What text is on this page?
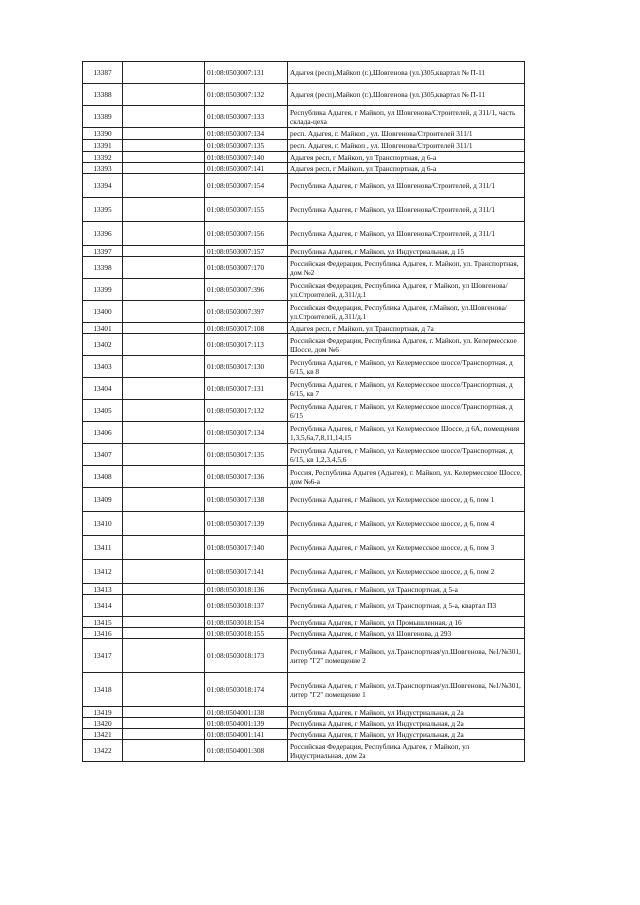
13387		01:08:0503007:131	Адыгея (респ),Майкоп (г.),Шовгенова (ул.)305,квартал № П-11
13388		01:08:0503007:132	Адыгея (респ),Майкоп (г.),Шовгенова (ул.)305,квартал № П-11
13389		01:08:0503007:133	Республика Адыгея, г Майкоп, ул Шовгенова/Строителей, д 311/1, часть склада-цеха
13390		01:08:0503007:134	респ. Адыгея, г. Майкоп , ул. Шовгенова/Строителей 311/1
13391		01:08:0503007:135	респ. Адыгея, г. Майкоп , ул. Шовгенова/Строителей 311/1
13392		01:08:0503007:140	Адыгея респ, г Майкоп, ул Транспортная, д 6-а
13393		01:08:0503007:141	Адыгея респ, г Майкоп, ул Транспортная, д 6-а
13394		01:08:0503007:154	Республика Адыгея, г Майкоп, ул Шовгенова/Строителей, д 311/1
13395		01:08:0503007:155	Республика Адыгея, г Майкоп, ул Шовгенова/Строителей, д 311/1
13396		01:08:0503007:156	Республика Адыгея, г Майкоп, ул Шовгенова/Строителей, д 311/1
13397		01:08:0503007:157	Республика Адыгея, г Майкоп, ул Индустриальная, д 15
13398		01:08:0503007:170	Российская Федерация, Республика Адыгея, г. Майкоп, ул. Транспортная, дом №2
13399		01:08:0503007:396	Российская Федерация, Республика Адыгея, г Майкоп, ул Шовгенова/ул.Строителей, д.311/д.1
13400		01:08:0503007:397	Российская Федерация, Республика Адыгея, г.Майкоп, ул.Шовгенова/ул.Строителей, д.311/д.1
13401		01:08:0503017:108	Адыгея респ, г Майкоп, ул Транспортная, д 7а
13402		01:08:0503017:113	Российская Федерация, Республика Адыгея, г. Майкоп, ул. Келермесское Шоссе, дом №6
13403		01:08:0503017:130	Республика Адыгея, г Майкоп, ул Келермесское шоссе/Транспортная, д 6/15, кв 8
13404		01:08:0503017:131	Республика Адыгея, г Майкоп, ул Келермесское шоссе/Транспортная, д 6/15, кв 7
13405		01:08:0503017:132	Республика Адыгея, г Майкоп, ул Келермесское шоссе/Транспортная, д 6/15
13406		01:08:0503017:134	Республика Адыгея, г Майкоп, ул Келермесское Шоссе, д 6А, помещения 1,3,5,6а,7,8,11,14,15
13407		01:08:0503017:135	Республика Адыгея, г Майкоп, ул Келермесское шоссе/Транспортная, д 6/15, кв 1,2,3,4,5,6
13408		01:08:0503017:136	Россия, Республика Адыгея (Адыгея), г. Майкоп, ул. Келермесское Шоссе, дом №6-а
13409		01:08:0503017:138	Республика Адыгея, г Майкоп, ул Келермесское шоссе, д 6, пом 1
13410		01:08:0503017:139	Республика Адыгея, г Майкоп, ул Келермесское шоссе, д 6, пом 4
13411		01:08:0503017:140	Республика Адыгея, г Майкоп, ул Келермесское шоссе, д 6, пом 3
13412		01:08:0503017:141	Республика Адыгея, г Майкоп, ул Келермесское шоссе, д 6, пом 2
13413		01:08:0503018:136	Республика Адыгея, г Майкоп, ул Транспортная, д 5-а
13414		01:08:0503018:137	Республика Адыгея, г Майкоп, ул Транспортная, д 5-а, квартал П3
13415		01:08:0503018:154	Республика Адыгея, г Майкоп, ул Промышленная, д 16
13416		01:08:0503018:155	Республика Адыгея, г Майкоп, ул Шовгенова, д 293
13417		01:08:0503018:173	Республика Адыгея, г Майкоп, ул.Транспортная/ул.Шовгенова, №1/№301, литер "Г2" помещение 2
13418		01:08:0503018:174	Республика Адыгея, г Майкоп, ул.Транспортная/ул.Шовгенова, №1/№301, литер "Г2" помещение 1
13419		01:08:0504001:138	Республика Адыгея, г Майкоп, ул Индустриальная, д 2а
13420		01:08:0504001:139	Республика Адыгея, г Майкоп, ул Индустриальная, д 2а
13421		01:08:0504001:141	Республика Адыгея, г Майкоп, ул Индустриальная, д 2а
13422		01:08:0504001:308	Российская Федерация, Республика Адыгея, г Майкоп, ул Индустриальная, дом 2а
